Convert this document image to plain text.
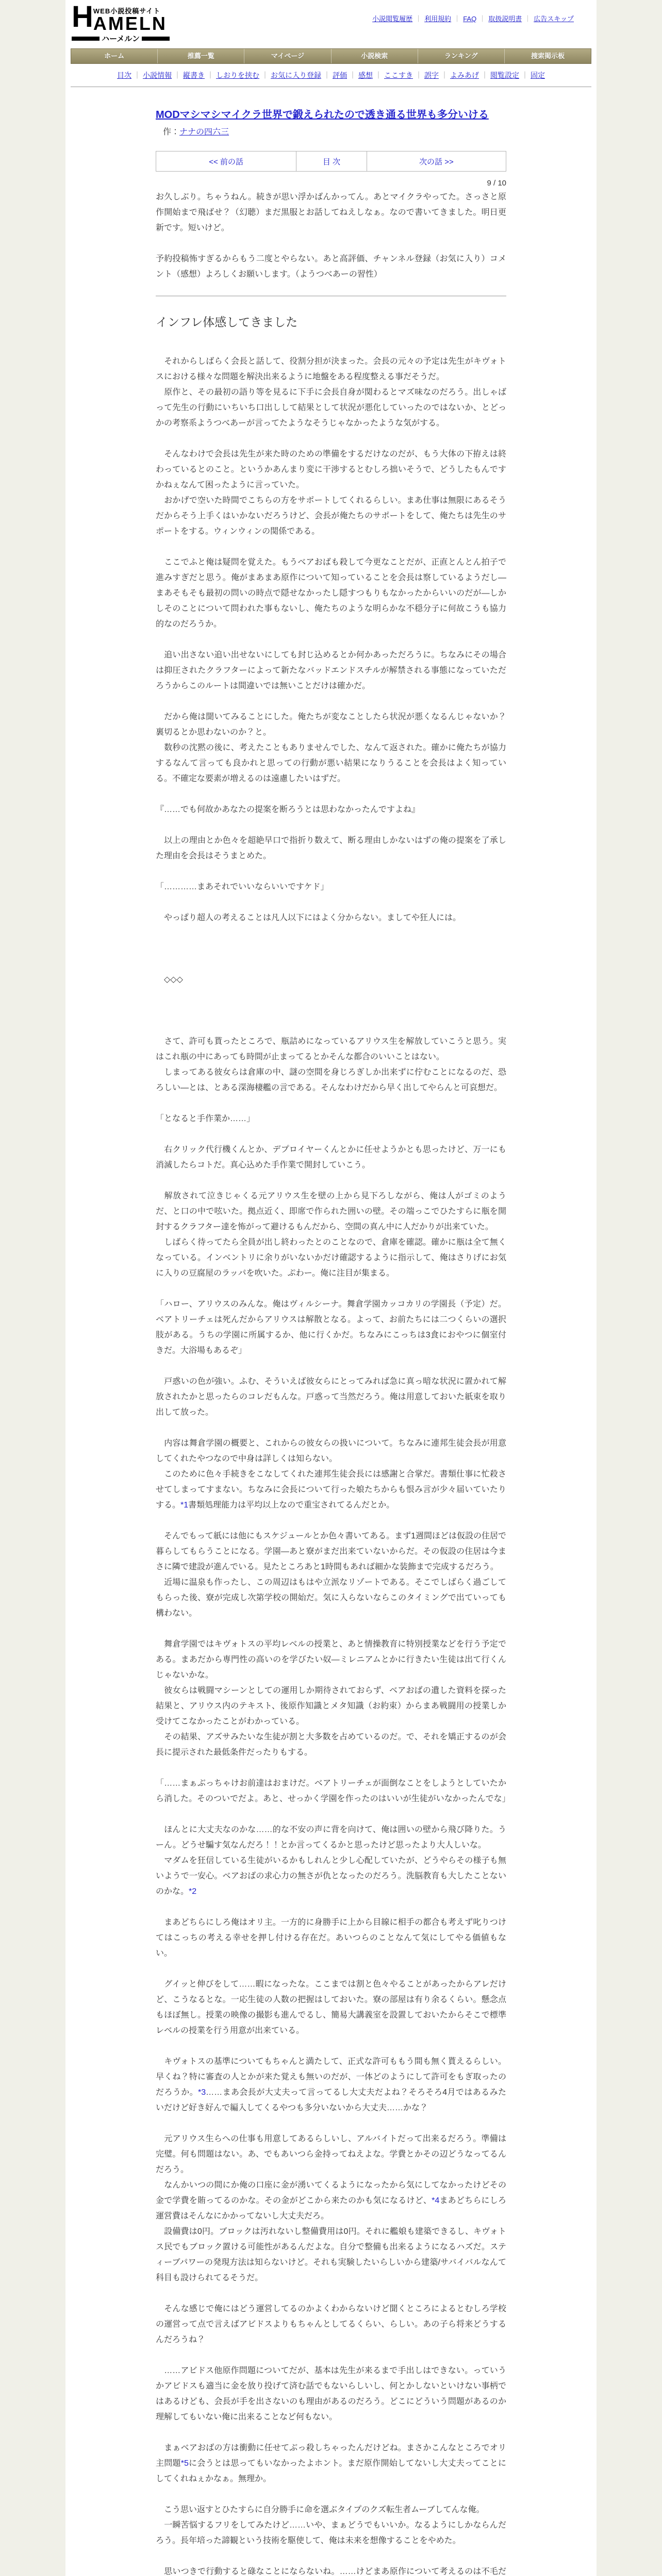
H WEB小説投稿サイト
AMELN
ハーメルン
小説閲覧履歴 ｜ 利用規約 ｜ FAQ ｜ 取扱説明書 ｜ 広告スキップ
ホーム	推薦一覧	マイページ	小説検索	ランキング	捜索掲示板
目次 ｜ 小説情報 ｜ 縦書き ｜ しおりを挟む ｜ お気に入り登録 ｜ 評価 ｜ 感想 ｜ ここすき ｜ 誤字 ｜ よみあげ ｜ 閲覧設定 ｜ 固定
MODマシマシマイクラ世界で鍛えられたので透き通る世界も多分いける 作：ナナの四六三
<< 前の話	目 次	次の話 >>
9 / 10

お久しぶり。ちゃうねん。続きが思い浮かばんかってん。あとマイクラやってた。さっさと原作開始まで飛ばせ？（幻聴）まだ黒服とお話してねえしなぁ。なので書いてきました。明日更新です。短いけど。

予約投稿怖すぎるからもう二度とやらない。あと高評価、チャンネル登録（お気に入り）コメント（感想）よろしくお願いします。（ようつべあーの習性）

インフレ体感してきました

　それからしばらく会長と話して、役割分担が決まった。会長の元々の予定は先生がキヴォトスにおける様々な問題を解決出来るように地盤をある程度整える事だそうだ。

　原作と、その最初の語り等を見るに下手に会長自身が関わるとマズ味なのだろう。出しゃばって先生の行動にいちいち口出しして結果として状況が悪化していったのではないか、とどっかの考察系ようつべあーが言ってたようなそうじゃなかったような気がする。

　そんなわけで会長は先生が来た時のための準備をするだけなのだが、もう大体の下拵えは終わっているとのこと。というかあんまり変に干渉するとむしろ拙いそうで、どうしたもんですかねぇなんて困ったように言っていた。

　おかげで空いた時間でこちらの方をサポートしてくれるらしい。まあ仕事は無限にあるそうだからそう上手くはいかないだろうけど、会長が俺たちのサポートをして、俺たちは先生のサポートをする。ウィンウィンの関係である。

　ここでふと俺は疑問を覚えた。もうベアおばも殺して今更なことだが、正直とんとん拍子で進みすぎだと思う。俺がまあまあ原作について知っていることを会長は察しているようだし―まあそもそも最初の問いの時点で隠せなかったし隠すつもりもなかったからいいのだが―しかしそのことについて問われた事もないし、俺たちのような明らかな不穏分子に何故こうも協力的なのだろうか。

　追い出さない追い出せないにしても封じ込めるとか何かあっただろうに。ちなみにその場合は抑圧されたクラフターによって新たなバッドエンドスチルが解禁される事態になっていただろうからこのルートは間違いでは無いことだけは確かだ。

　だから俺は聞いてみることにした。俺たちが変なことしたら状況が悪くなるんじゃないか？裏切るとか思わないのか？と。

　数秒の沈黙の後に、考えたこともありませんでした、なんて返された。確かに俺たちが協力するなんて言っても良かれと思っての行動が悪い結果になりうることを会長はよく知っている。不確定な要素が増えるのは遠慮したいはずだ。

『……でも何故かあなたの提案を断ろうとは思わなかったんですよね』

　以上の理由とか色々を超絶早口で指折り数えて、断る理由しかないはずの俺の提案を了承した理由を会長はそうまとめた。

「…………まあそれでいいならいいですケド」

　やっぱり超人の考えることは凡人以下にはよく分からない。ましてや狂人には。

　◇◇◇

　さて、許可も貰ったところで、瓶詰めになっているアリウス生を解放していこうと思う。実はこれ瓶の中にあっても時間が止まってるとかそんな都合のいいことはない。

　しまってある彼女らは倉庫の中、謎の空間を身じろぎしか出来ずに佇むことになるのだ、恐ろしい―とは、とある深海棲艦の言である。そんなわけだから早く出してやらんと可哀想だ。

「となると手作業か……」

　右クリック代行機くんとか、デプロイヤーくんとかに任せようかとも思ったけど、万一にも消滅したらコトだ。真心込めた手作業で開封していこう。

　解放されて泣きじゃくる元アリウス生を壁の上から見下ろしながら、俺は人がゴミのようだ、と口の中で呟いた。拠点近く、即席で作られた囲いの壁。その端っこでひたすらに瓶を開封するクラフター達を怖がって避けるもんだから、空間の真ん中に人だかりが出来ていた。

　しばらく待ってたら全員が出し終わったとのことなので、倉庫を確認。確かに瓶は全て無くなっている。インベントリに余りがいないかだけ確認するように指示して、俺はさりげにお気に入りの豆腐屋のラッパを吹いた。ぷわー。俺に注目が集まる。

「ハロー、アリウスのみんな。俺はヴィルシーナ。舞倉学園カッコカリの学園長（予定）だ。ベアトリーチェは死んだからアリウスは解散となる。よって、お前たちには二つくらいの選択肢がある。うちの学園に所属するか、他に行くかだ。ちなみにこっちは3食におやつに個室付きだ。大浴場もあるぞ」

　戸惑いの色が強い。ふむ、そういえば彼女らにとってみれば急に真っ暗な状況に置かれて解放されたかと思ったらのコレだもんな。戸惑って当然だろう。俺は用意しておいた紙束を取り出して放った。

　内容は舞倉学園の概要と、これからの彼女らの扱いについて。ちなみに連邦生徒会長が用意してくれたやつなので中身は詳しくは知らない。

　このために色々手続きをこなしてくれた連邦生徒会長には感謝と合掌だ。書類仕事に忙殺させてしまってすまない。ちなみに会長について行った娘たちからも恨み言が少々届いていたりする。*1書類処理能力は平均以上なので重宝されてるんだとか。

　そんでもって紙には他にもスケジュールとか色々書いてある。まず1週間ほどは仮設の住居で暮らしてもらうことになる。学園―あと寮がまだ出来ていないからだ。その仮設の住居は今まさに隣で建設が進んでいる。見たところあと1時間もあれば細かな装飾まで完成するだろう。

　近場に温泉も作ったし、この周辺はもはや立派なリゾートである。そこでしばらく過ごしてもらった後、寮が完成し次第学校の開始だ。気に入らないならこのタイミングで出ていっても構わない。

　舞倉学園ではキヴォトスの平均レベルの授業と、あと情操教育に特別授業などを行う予定である。まあだから専門性の高いのを学びたい奴―ミレニアムとかに行きたい生徒は出て行くんじゃないかな。

　彼女らは戦闘マシーンとしての運用しか期待されておらず、ベアおばの遺した資料を探った結果と、アリウス内のテキスト、後原作知識とメタ知識（お約束）からまあ戦闘用の授業しか受けてこなかったことがわかっている。

　その結果、アズサみたいな生徒が割と大多数を占めているのだ。で、それを矯正するのが会長に提示された最低条件だったりもする。

「……まぁぶっちゃけお前達はおまけだ。ベアトリーチェが面倒なことをしようとしていたから消した。そのついでだよ。あと、せっかく学園を作ったのはいいが生徒がいなかったんでな」

　ほんとに大丈夫なのかな……的な不安の声に背を向けて、俺は囲いの壁から飛び降りた。うーん。どうせ騙す気なんだろ！！とか言ってくるかと思ったけど思ったより大人しいな。

　マダムを狂信している生徒がいるかもしれんと少し心配していたが、どうやらその様子も無いようで一安心。ベアおばの求心力の無さが仇となったのだろう。洗脳教育も大したことないのかな。*2

　まあどちらにしろ俺はオリ主。一方的に身勝手に上から目線に相手の都合も考えず叱りつけてはこっちの考える幸せを押し付ける存在だ。あいつらのことなんて気にしてやる価値もない。

　グイッと伸びをして……暇になったな。ここまでは割と色々やることがあったからアレだけど、こうなるとな。一応生徒の人数の把握はしておいた。寮の部屋は有り余るくらい。懸念点もほぼ無し。授業の映像の撮影も進んでるし、簡易大講義室を設置しておいたからそこで標準レベルの授業を行う用意が出来ている。

　キヴォトスの基準についてもちゃんと満たして、正式な許可ももう間も無く貰えるらしい。早くね？特に審査の人とかが来た覚えも無いのだが、一体どのようにして許可をもぎ取ったのだろうか。*3……まあ会長が大丈夫って言ってるし大丈夫だよね？そろそろ4月ではあるみたいだけど好き好んで編入してくるやつも多分いないから大丈夫……かな？

　元アリウス生らへの仕事も用意してあるらしいし、アルバイトだって出来るだろう。準備は完璧。何も問題はない。あ、でもあいつら金持ってねえよな。学費とかその辺どうなってるんだろう。

　なんかいつの間にか俺の口座に金が湧いてくるようになったから気にしてなかったけどその金で学費を賄ってるのかな。その金がどこから来たのかも気になるけど、*4まあどちらにしろ運営費はそんなにかかってないし大丈夫だろ。

　設備費は0円。ブロックは汚れないし整備費用は0円。それに艦娘も建築できるし、キヴォトス民でもブロック置ける可能性があるんだよな。自分で整備も出来るようになるハズだ。スティーブパワーの発現方法は知らないけど。それも実験したいらしいから建築/サバイバルなんて科目も設けられてるそうだ。

　そんな感じで俺にはどう運営してるのかよくわからないけど聞くところによるとむしろ学校の運営って点で言えばアビドスよりもちゃんとしてるくらい、らしい。あの子ら将来どうするんだろうね？

　……アビドス他原作問題についてだが、基本は先生が来るまで手出しはできない。っていうかアビドスも適当に金を放り投げて済む話でもないらしいし、何とかしないといけない事柄ではあるけども、会長が手を出さないのも理由があるのだろう。どこにどういう問題があるのか理解してもいない俺に出来ることなど何もない。

　まぁベアおばの方は衝動に任せてぶっ殺しちゃったんだけどね。まさかこんなところでオリ主問題*5に会うとは思ってもいなかったよホント。まだ原作開始してないし大丈夫ってことにしてくれねぇかなぁ。無理か。

　こう思い返すとひたすらに自分勝手に命を選ぶタイプのクズ転生者ムーブしてんな俺。

　一瞬苦悩するフリをしてみたけど……いや、まぁどうでもいいか。なるようにしかならんだろう。長年培った諦観という技術を駆使して、俺は未来を想像することをやめた。

　思いつきで行動すると碌なことにならないね。……けどまあ原作について考えるのは不毛だ
